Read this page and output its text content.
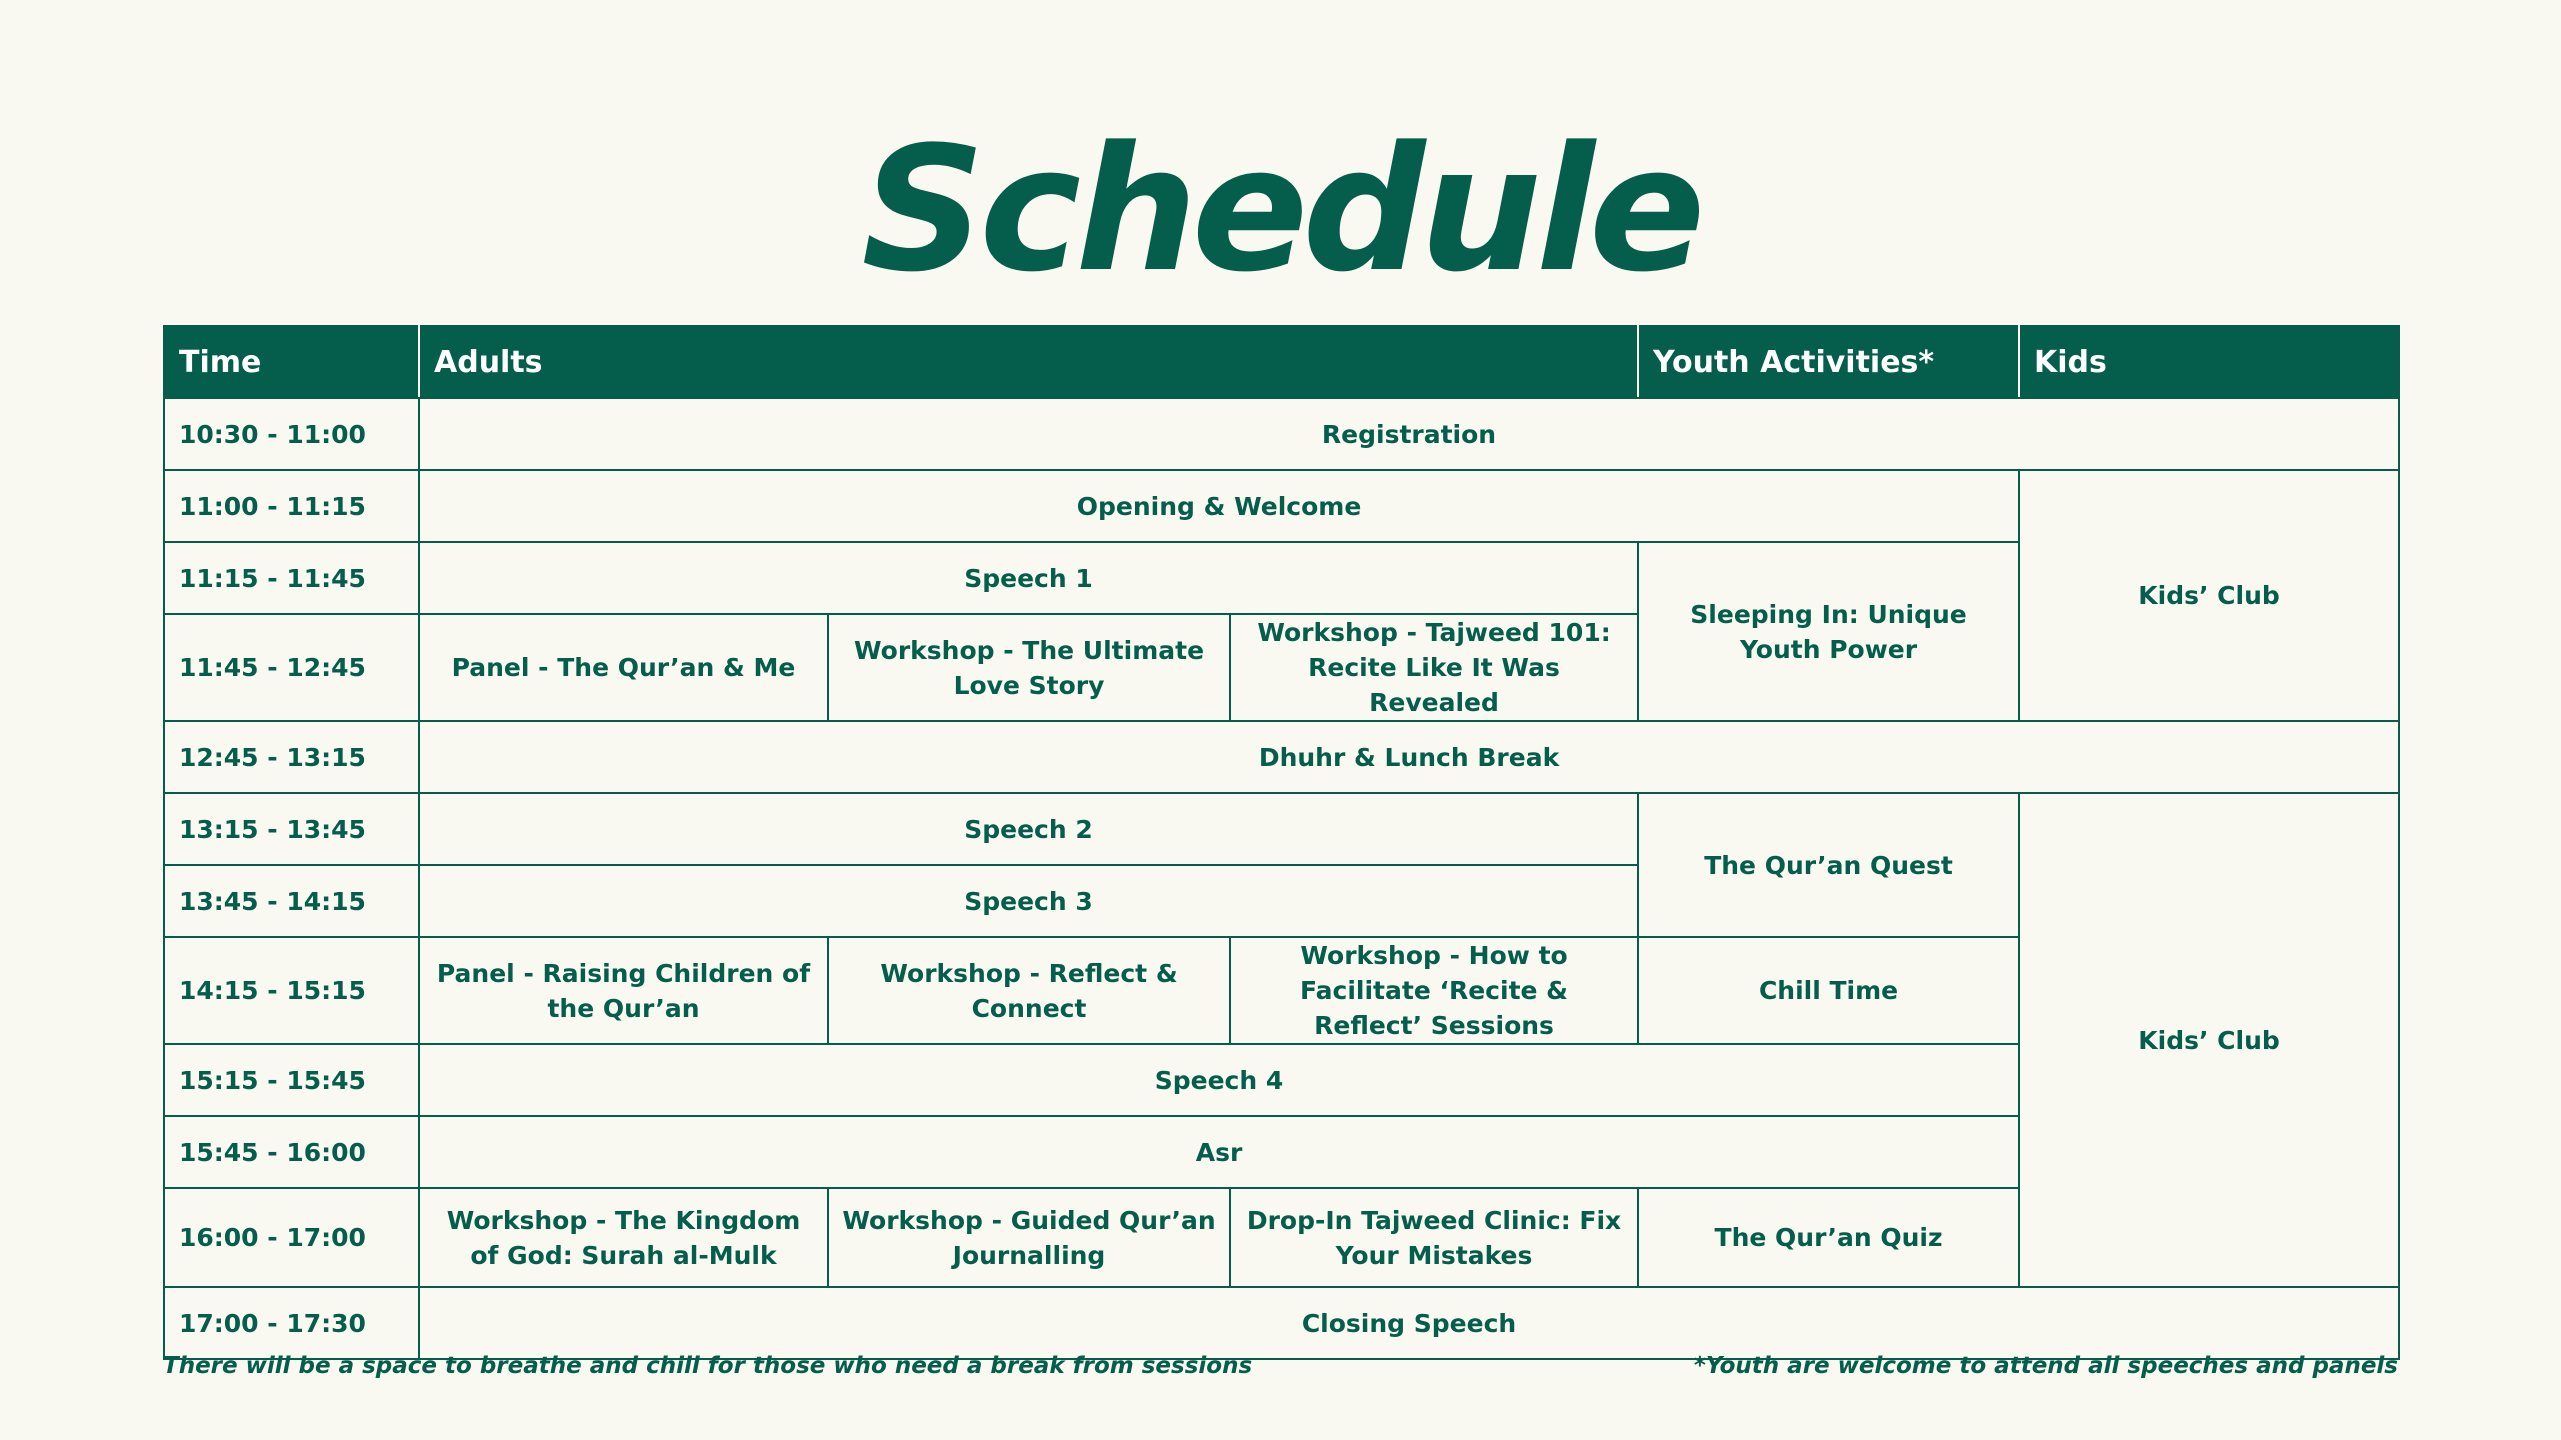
Schedule
Time	Adults			Youth Activities*	Kids
10:30 - 11:00	Registration				
11:00 - 11:15	Opening & Welcome				Kids’ Club
11:15 - 11:45	Speech 1			Sleeping In: Unique Youth Power	
11:45 - 12:45	Panel - The Qur’an & Me	Workshop - The Ultimate Love Story	Workshop - Tajweed 101: Recite Like It Was Revealed		
12:45 - 13:15	Dhuhr & Lunch Break				
13:15 - 13:45	Speech 2			The Qur’an Quest	Kids’ Club
13:45 - 14:15	Speech 3				
14:15 - 15:15	Panel - Raising Children of the Qur’an	Workshop - Reflect & Connect	Workshop - How to Facilitate ‘Recite & Reflect’ Sessions	Chill Time	
15:15 - 15:45	Speech 4				
15:45 - 16:00	Asr				
16:00 - 17:00	Workshop - The Kingdom of God: Surah al-Mulk	Workshop - Guided Qur’an Journalling	Drop-In Tajweed Clinic: Fix Your Mistakes	The Qur’an Quiz	
17:00 - 17:30	Closing Speech				
There will be a space to breathe and chill for those who need a break from sessions	*Youth are welcome to attend all speeches and panels
